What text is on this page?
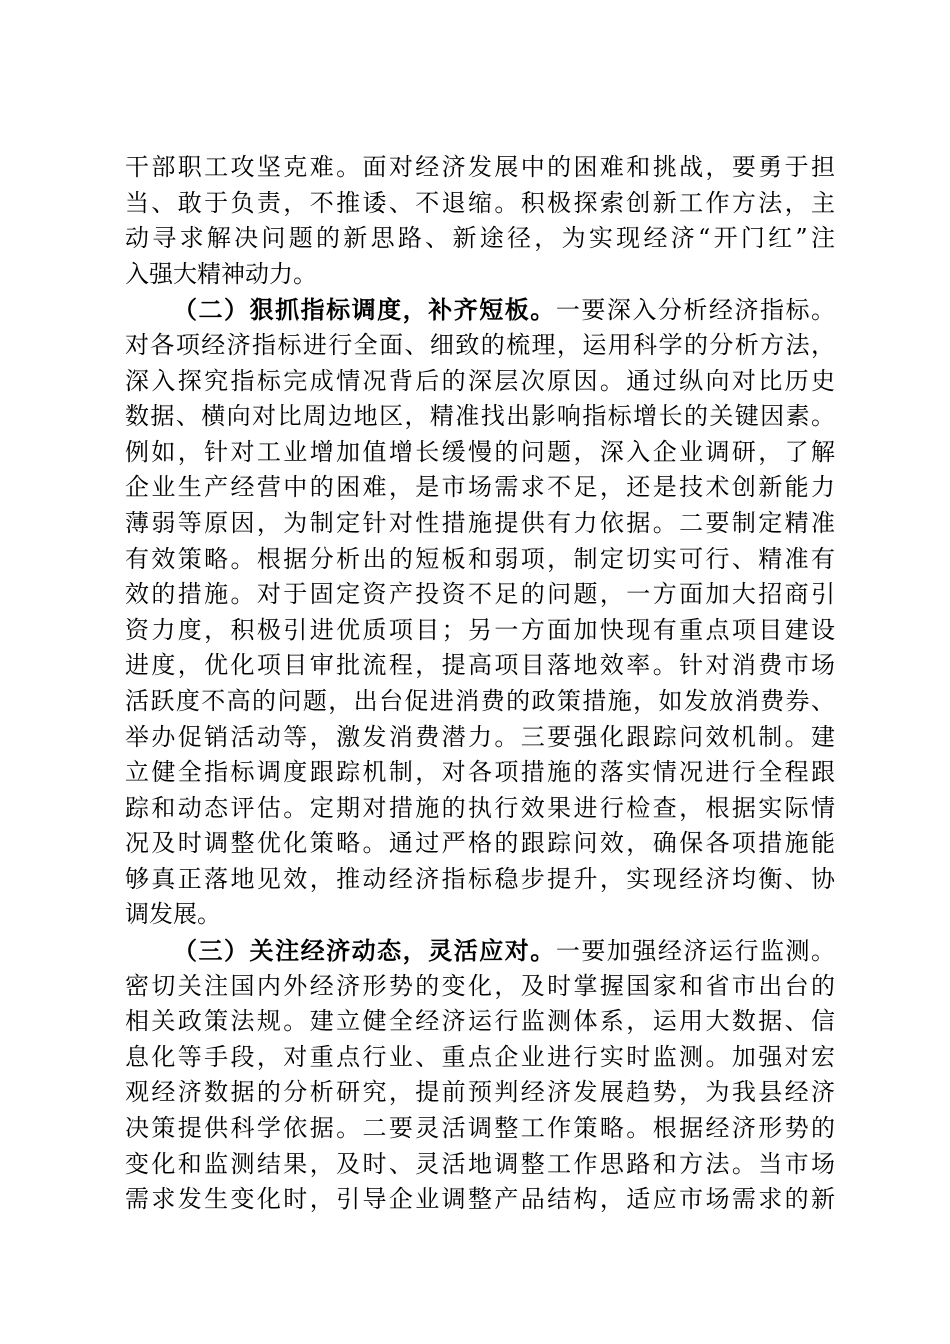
干部职工攻坚克难。面对经济发展中的困难和挑战，要勇于担
当、敢于负责，不推诿、不退缩。积极探索创新工作方法，主
动寻求解决问题的新思路、新途径，为实现经济“开门红”注
入强大精神动力。
（二）狠抓指标调度，补齐短板。一要深入分析经济指标。
对各项经济指标进行全面、细致的梳理，运用科学的分析方法，
深入探究指标完成情况背后的深层次原因。通过纵向对比历史
数据、横向对比周边地区，精准找出影响指标增长的关键因素。
例如，针对工业增加值增长缓慢的问题，深入企业调研，了解
企业生产经营中的困难，是市场需求不足，还是技术创新能力
薄弱等原因，为制定针对性措施提供有力依据。二要制定精准
有效策略。根据分析出的短板和弱项，制定切实可行、精准有
效的措施。对于固定资产投资不足的问题，一方面加大招商引
资力度，积极引进优质项目；另一方面加快现有重点项目建设
进度，优化项目审批流程，提高项目落地效率。针对消费市场
活跃度不高的问题，出台促进消费的政策措施，如发放消费券、
举办促销活动等，激发消费潜力。三要强化跟踪问效机制。建
立健全指标调度跟踪机制，对各项措施的落实情况进行全程跟
踪和动态评估。定期对措施的执行效果进行检查，根据实际情
况及时调整优化策略。通过严格的跟踪问效，确保各项措施能
够真正落地见效，推动经济指标稳步提升，实现经济均衡、协
调发展。
（三）关注经济动态，灵活应对。一要加强经济运行监测。
密切关注国内外经济形势的变化，及时掌握国家和省市出台的
相关政策法规。建立健全经济运行监测体系，运用大数据、信
息化等手段，对重点行业、重点企业进行实时监测。加强对宏
观经济数据的分析研究，提前预判经济发展趋势，为我县经济
决策提供科学依据。二要灵活调整工作策略。根据经济形势的
变化和监测结果，及时、灵活地调整工作思路和方法。当市场
需求发生变化时，引导企业调整产品结构，适应市场需求的新
